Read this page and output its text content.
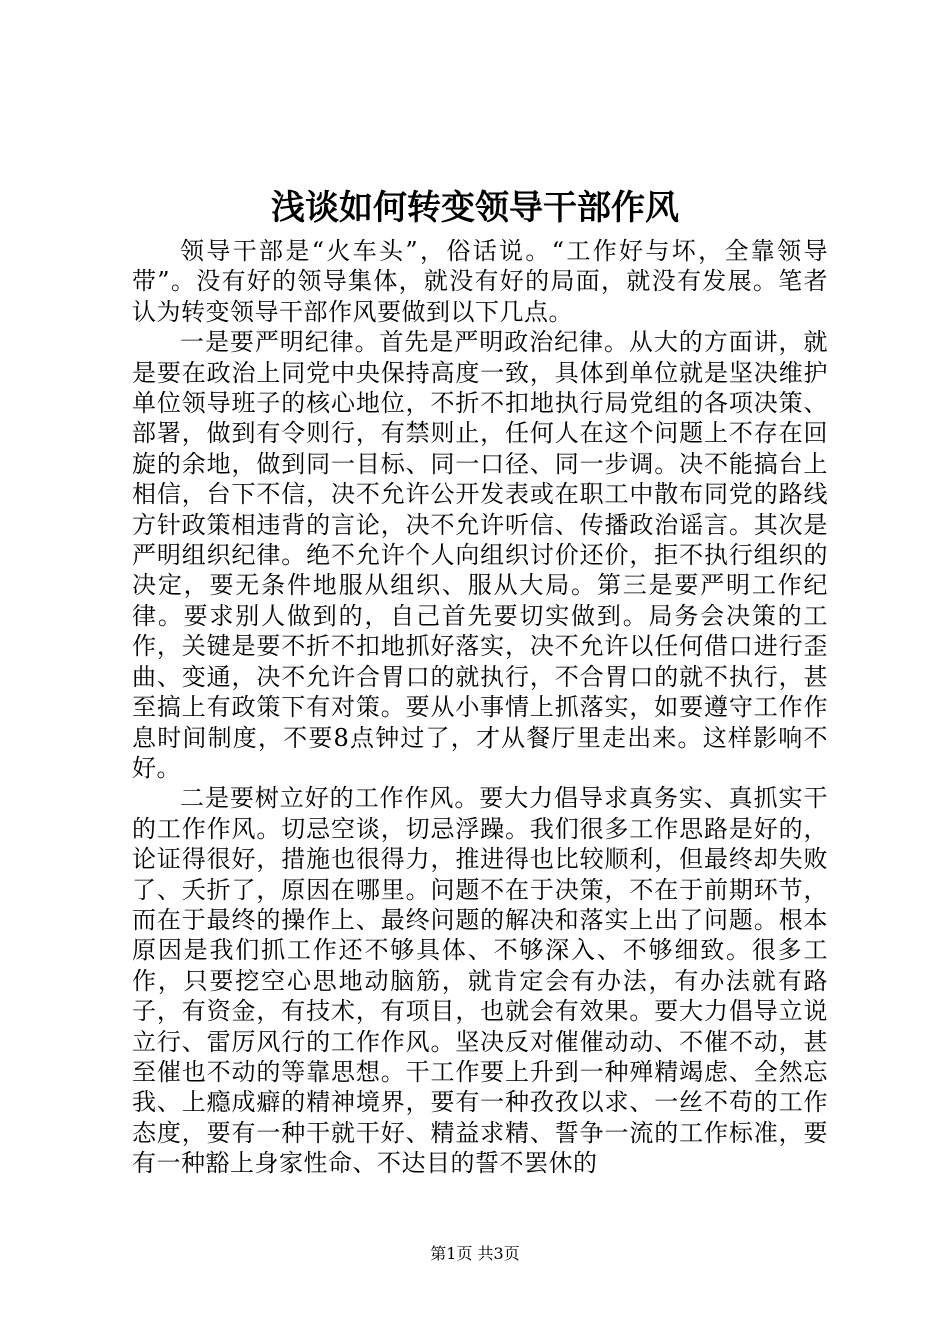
浅谈如何转变领导干部作风

领导干部是“火车头”，俗话说。“工作好与坏，全靠领导带”。没有好的领导集体，就没有好的局面，就没有发展。笔者认为转变领导干部作风要做到以下几点。

一是要严明纪律。首先是严明政治纪律。从大的方面讲，就是要在政治上同党中央保持高度一致，具体到单位就是坚决维护单位领导班子的核心地位，不折不扣地执行局党组的各项决策、部署，做到有令则行，有禁则止，任何人在这个问题上不存在回旋的余地，做到同一目标、同一口径、同一步调。决不能搞台上相信，台下不信，决不允许公开发表或在职工中散布同党的路线方针政策相违背的言论，决不允许听信、传播政治谣言。其次是严明组织纪律。绝不允许个人向组织讨价还价，拒不执行组织的决定，要无条件地服从组织、服从大局。第三是要严明工作纪律。要求别人做到的，自己首先要切实做到。局务会决策的工作，关键是要不折不扣地抓好落实，决不允许以任何借口进行歪曲、变通，决不允许合胃口的就执行，不合胃口的就不执行，甚至搞上有政策下有对策。要从小事情上抓落实，如要遵守工作作息时间制度，不要8点钟过了，才从餐厅里走出来。这样影响不好。

二是要树立好的工作作风。要大力倡导求真务实、真抓实干的工作作风。切忌空谈，切忌浮躁。我们很多工作思路是好的，论证得很好，措施也很得力，推进得也比较顺利，但最终却失败了、夭折了，原因在哪里。问题不在于决策，不在于前期环节，而在于最终的操作上、最终问题的解决和落实上出了问题。根本原因是我们抓工作还不够具体、不够深入、不够细致。很多工作，只要挖空心思地动脑筋，就肯定会有办法，有办法就有路子，有资金，有技术，有项目，也就会有效果。要大力倡导立说立行、雷厉风行的工作作风。坚决反对催催动动、不催不动，甚至催也不动的等靠思想。干工作要上升到一种殚精竭虑、全然忘我、上瘾成癖的精神境界，要有一种孜孜以求、一丝不苟的工作态度，要有一种干就干好、精益求精、誓争一流的工作标准，要有一种豁上身家性命、不达目的誓不罢休的

第1页 共3页
